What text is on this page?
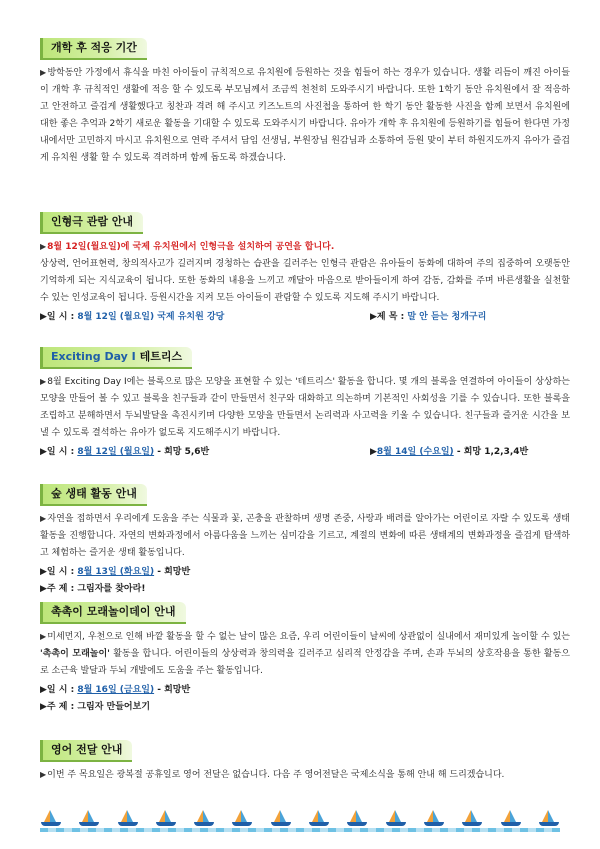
개학 후 적응 기간
▶방학동안 가정에서 휴식을 마친 아이들이 규칙적으로 유치원에 등원하는 것을 힘들어 하는 경우가 있습니다. 생활 리듬이 깨진 아이들이 개학 후 규칙적인 생활에 적응 할 수 있도록 부모님께서 조금씩 천천히 도와주시기 바랍니다. 또한 1학기 동안 유치원에서 잘 적응하고 안전하고 즐겁게 생활했다고 칭찬과 격려 해 주시고 키즈노트의 사진첩을 통하여 한 학기 동안 활동한 사진을 함께 보면서 유치원에 대한 좋은 추억과 2학기 새로운 활동을 기대할 수 있도록 도와주시기 바랍니다. 유아가 개학 후 유치원에 등원하기를 힘들어 한다면 가정내에서만 고민하지 마시고 유치원으로 연락 주셔서 담임 선생님, 부원장님 원감님과 소통하여 등원 맞이 부터 하원지도까지 유아가 즐겁게 유치원 생활 할 수 있도록 격려하며 함께 돕도록 하겠습니다.
인형극 관람 안내
▶8월 12일(월요일)에 국제 유치원에서 인형극을 설치하여 공연을 합니다.
상상력, 언어표현력, 창의적사고가 길러지며 경청하는 습관을 길러주는 인형극 관람은 유아들이 동화에 대하여 주의 집중하여 오랫동안 기억하게 되는 지식교육이 됩니다. 또한 동화의 내용을 느끼고 깨달아 마음으로 받아들이게 하여 감동, 감화를 주며 바른생활을 실천할 수 있는 인성교육이 됩니다. 등원시간을 지켜 모든 아이들이 관람할 수 있도록 지도해 주시기 바랍니다.
▶일 시 : 8월 12일 (월요일) 국제 유치원 강당	▶제 목 : 말 안 듣는 청개구리
Exciting Day Ⅰ 테트리스
▶8월 Exciting Day Ⅰ에는 블록으로 많은 모양을 표현할 수 있는 '테트리스' 활동을 합니다. 몇 개의 블록을 연결하여 아이들이 상상하는 모양을 만들어 볼 수 있고 블록을 친구들과 같이 만들면서 친구와 대화하고 의논하며 기본적인 사회성을 기를 수 있습니다. 또한 블록을 조립하고 분해하면서 두뇌발달을 촉진시키며 다양한 모양을 만들면서 논리력과 사고력을 키울 수 있습니다. 친구들과 즐거운 시간을 보낼 수 있도록 결석하는 유아가 없도록 지도해주시기 바랍니다.
▶일 시 : 8월 12일 (월요일) - 희망 5,6반	▶8월 14일 (수요일) - 희망 1,2,3,4반
숲 생태 활동 안내
▶자연을 접하면서 우리에게 도움을 주는 식물과 꽃, 곤충을 관찰하며 생명 존중, 사랑과 배려를 알아가는 어린이로 자랄 수 있도록 생태 활동을 진행합니다. 자연의 변화과정에서 아름다움을 느끼는 심미감을 기르고, 계절의 변화에 따른 생태계의 변화과정을 즐겁게 탐색하고 체험하는 즐거운 생태 활동입니다.
▶일 시 : 8월 13일 (화요일) - 희망반
▶주 제 : 그림자를 찾아라!
촉촉이 모래놀이데이 안내
▶미세먼지, 우천으로 인해 바깥 활동을 할 수 없는 날이 많은 요즘, 우리 어린이들이 날씨에 상관없이 실내에서 재미있게 놀이할 수 있는 '촉촉이 모래놀이' 활동을 합니다. 어린이들의 상상력과 창의력을 길러주고 심리적 안정감을 주며, 손과 두뇌의 상호작용을 통한 활동으로 소근육 발달과 두뇌 개발에도 도움을 주는 활동입니다.
▶일 시 : 8월 16일 (금요일) - 희망반
▶주 제 : 그림자 만들어보기
영어 전달 안내
▶이번 주 목요일은 광복절 공휴일로 영어 전달은 없습니다. 다음 주 영어전달은 국제소식을 통해 안내 해 드리겠습니다.
